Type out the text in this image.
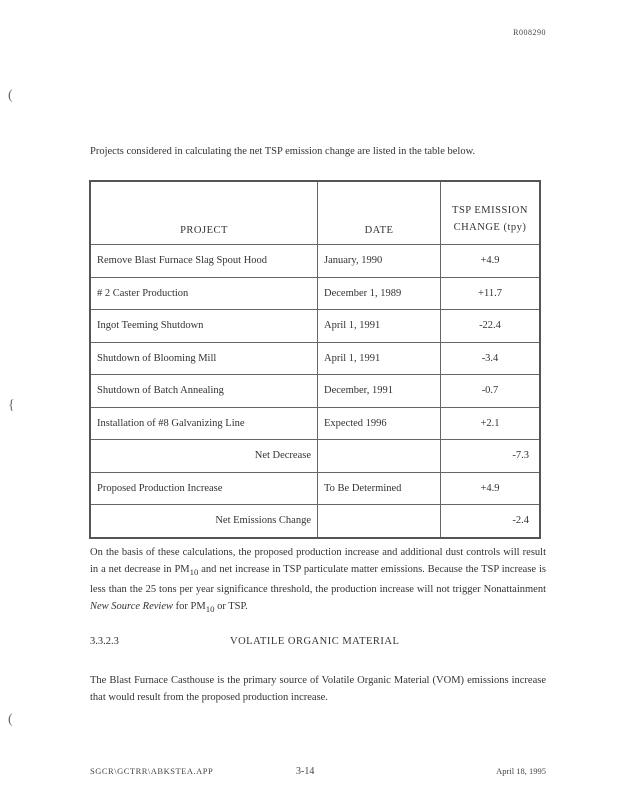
R008290
(
{
(
Projects considered in calculating the net TSP emission change are listed in the table below.
PROJECT	DATE	TSP EMISSION
CHANGE (tpy)
Remove Blast Furnace Slag Spout Hood	January, 1990	+4.9
# 2 Caster Production	December 1, 1989	+11.7
Ingot Teeming Shutdown	April 1, 1991	-22.4
Shutdown of Blooming Mill	April 1, 1991	-3.4
Shutdown of Batch Annealing	December, 1991	-0.7
Installation of #8 Galvanizing Line	Expected 1996	+2.1
Net Decrease		-7.3
Proposed Production Increase	To Be Determined	+4.9
Net Emissions Change		-2.4
On the basis of these calculations, the proposed production increase and additional dust controls will result in a net decrease in $PM_{10}$ and net increase in TSP particulate matter emissions. Because the TSP increase is less than the 25 tons per year significance threshold, the production increase will not trigger Nonattainment New Source Review for $PM_{10}$ or TSP.
3.3.2.3	VOLATILE ORGANIC MATERIAL
The Blast Furnace Casthouse is the primary source of Volatile Organic Material (VOM) emissions increase that would result from the proposed production increase.
SGCR\GCTRR\ABKSTEA.APP	3-14	April 18, 1995
